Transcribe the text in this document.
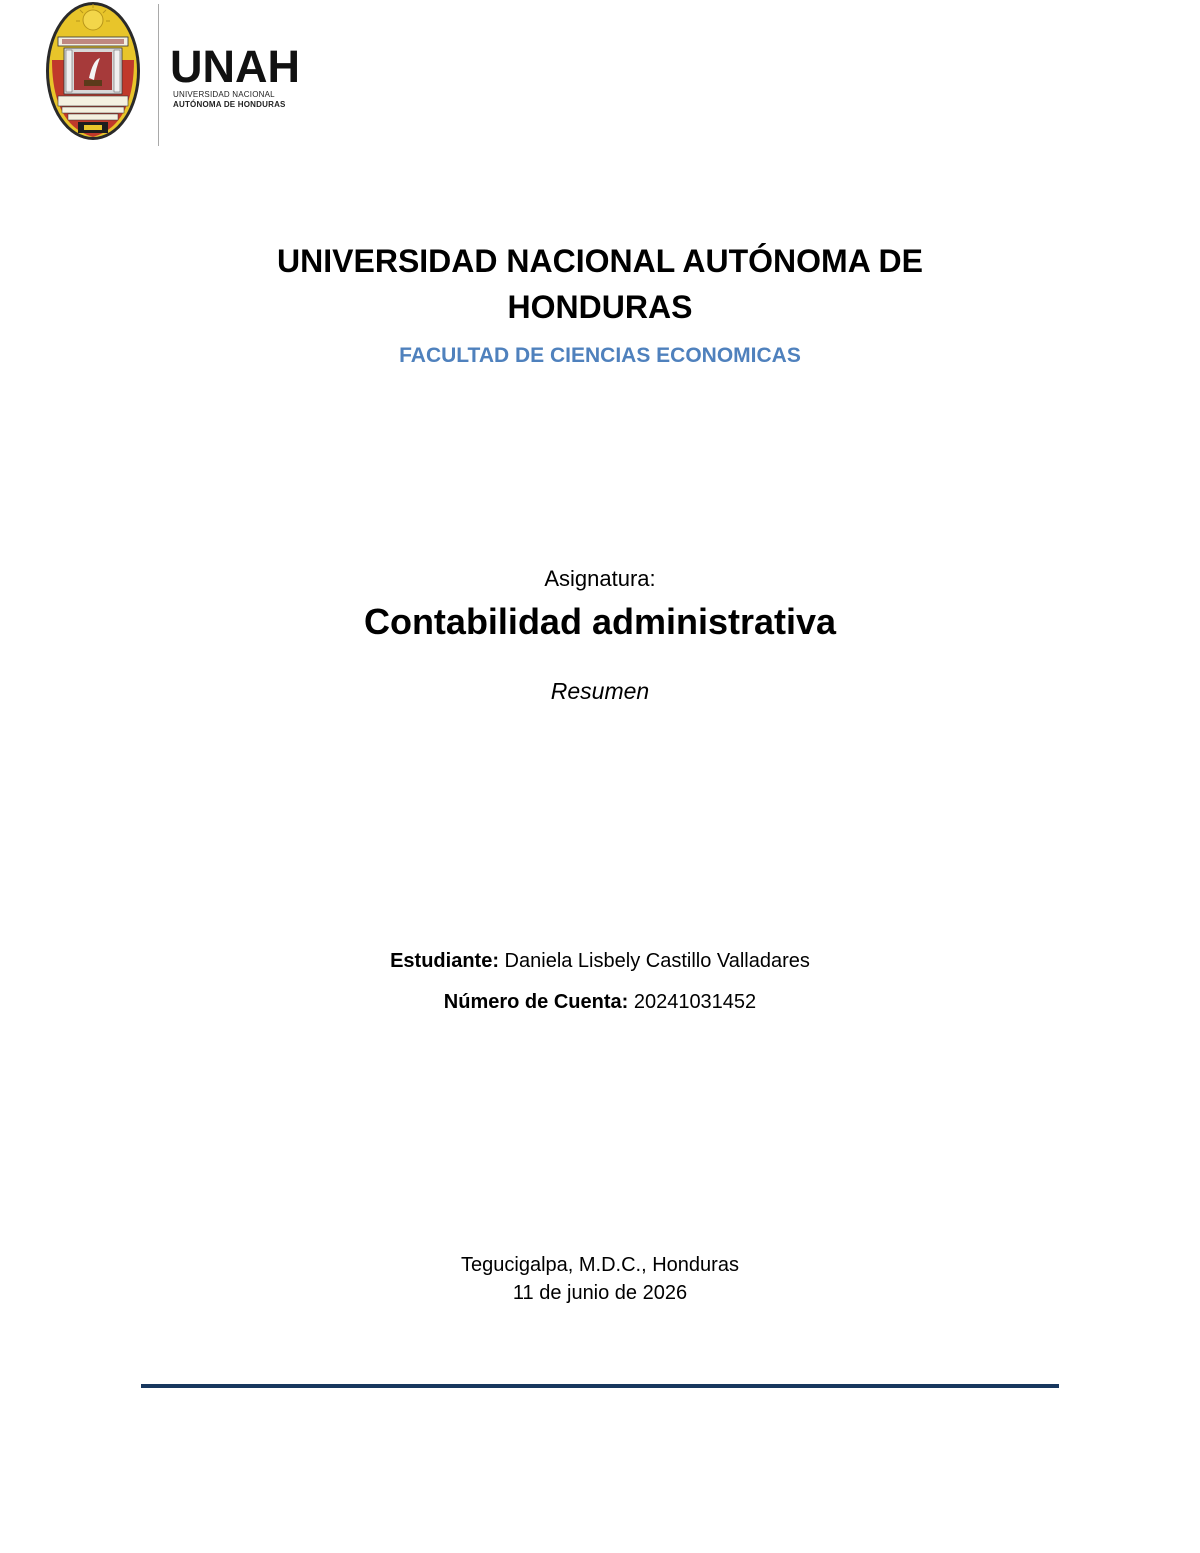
UNAH
UNIVERSIDAD NACIONAL
AUTÓNOMA DE HONDURAS
UNIVERSIDAD NACIONAL AUTÓNOMA DE
HONDURAS
FACULTAD DE CIENCIAS ECONOMICAS
Asignatura:
Contabilidad administrativa
Resumen
Estudiante: Daniela Lisbely Castillo Valladares
Número de Cuenta: 20241031452
Tegucigalpa, M.D.C., Honduras
11 de junio de 2026
